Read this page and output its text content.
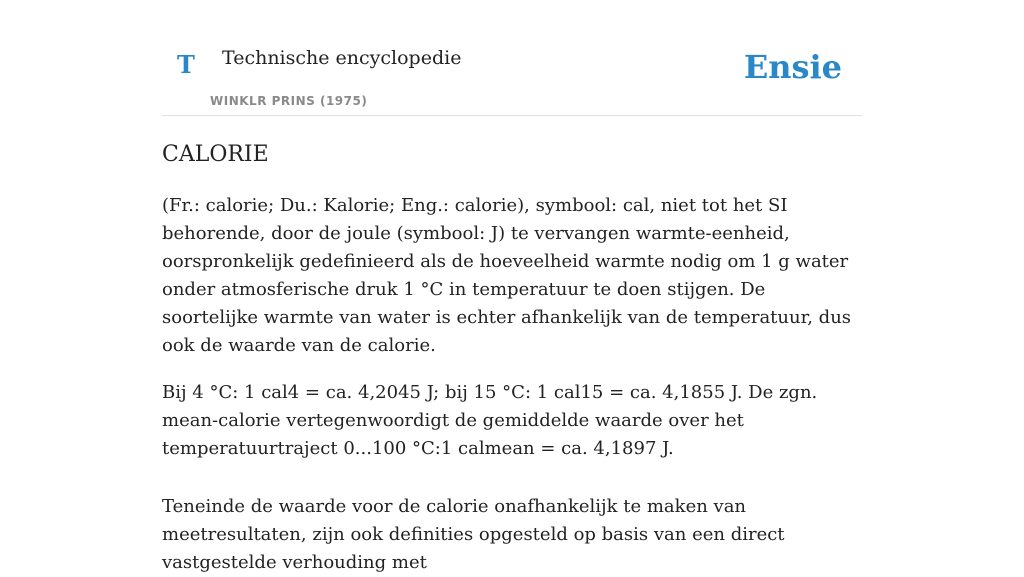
T Technische encyclopedie
WINKLR PRINS (1975)
Ensie
CALORIE

(Fr.: calorie; Du.: Kalorie; Eng.: calorie), symbool: cal, niet tot het SI behorende, door de joule (symbool: J) te vervangen warmte-eenheid, oorspronkelijk gedefinieerd als de hoeveelheid warmte nodig om 1 g water onder atmosferische druk 1 °C in temperatuur te doen stijgen. De soortelijke warmte van water is echter afhankelijk van de temperatuur, dus ook de waarde van de calorie.

Bij 4 °C: 1 cal4 = ca. 4,2045 J; bij 15 °C: 1 cal15 = ca. 4,1855 J. De zgn. mean-calorie vertegenwoordigt de gemiddelde waarde over het temperatuurtraject 0...100 °C:1 calmean = ca. 4,1897 J.

Teneinde de waarde voor de calorie onafhankelijk te maken van meetresultaten, zijn ook definities opgesteld op basis van een direct vastgestelde verhouding met
